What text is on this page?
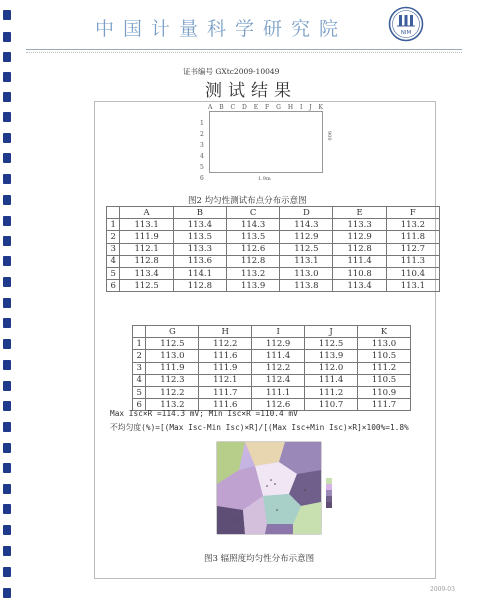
中国计量科学研究院	NIM
证书编号 GXtc2009-10049
测试结果
A B C D E F G H I J K
1 2 3 4 5 6
900
1.9m
图2 均匀性测试布点分布示意图
	A	B	C	D	E	F
1	113.1	113.4	114.3	114.3	113.3	113.2
2	111.9	113.5	113.5	112.9	112.9	111.8
3	112.1	113.3	112.6	112.5	112.8	112.7
4	112.8	113.6	112.8	113.1	111.4	111.3
5	113.4	114.1	113.2	113.0	110.8	110.4
6	112.5	112.8	113.9	113.8	113.4	113.1
	G	H	I	J	K
1	112.5	112.2	112.9	112.5	113.0
2	113.0	111.6	111.4	113.9	110.5
3	111.9	111.9	112.2	112.0	111.2
4	112.3	112.1	112.4	111.4	110.5
5	112.2	111.7	111.1	111.2	110.9
6	113.2	111.6	112.6	110.7	111.7
Max Isc×R =114.3 mV; Min Isc×R =110.4 mV
不均匀度(%)=[(Max Isc-Min Isc)×R]/[(Max Isc+Min Isc)×R]×100%=1.8%
图3 辐照度均匀性分布示意图
2009-03
